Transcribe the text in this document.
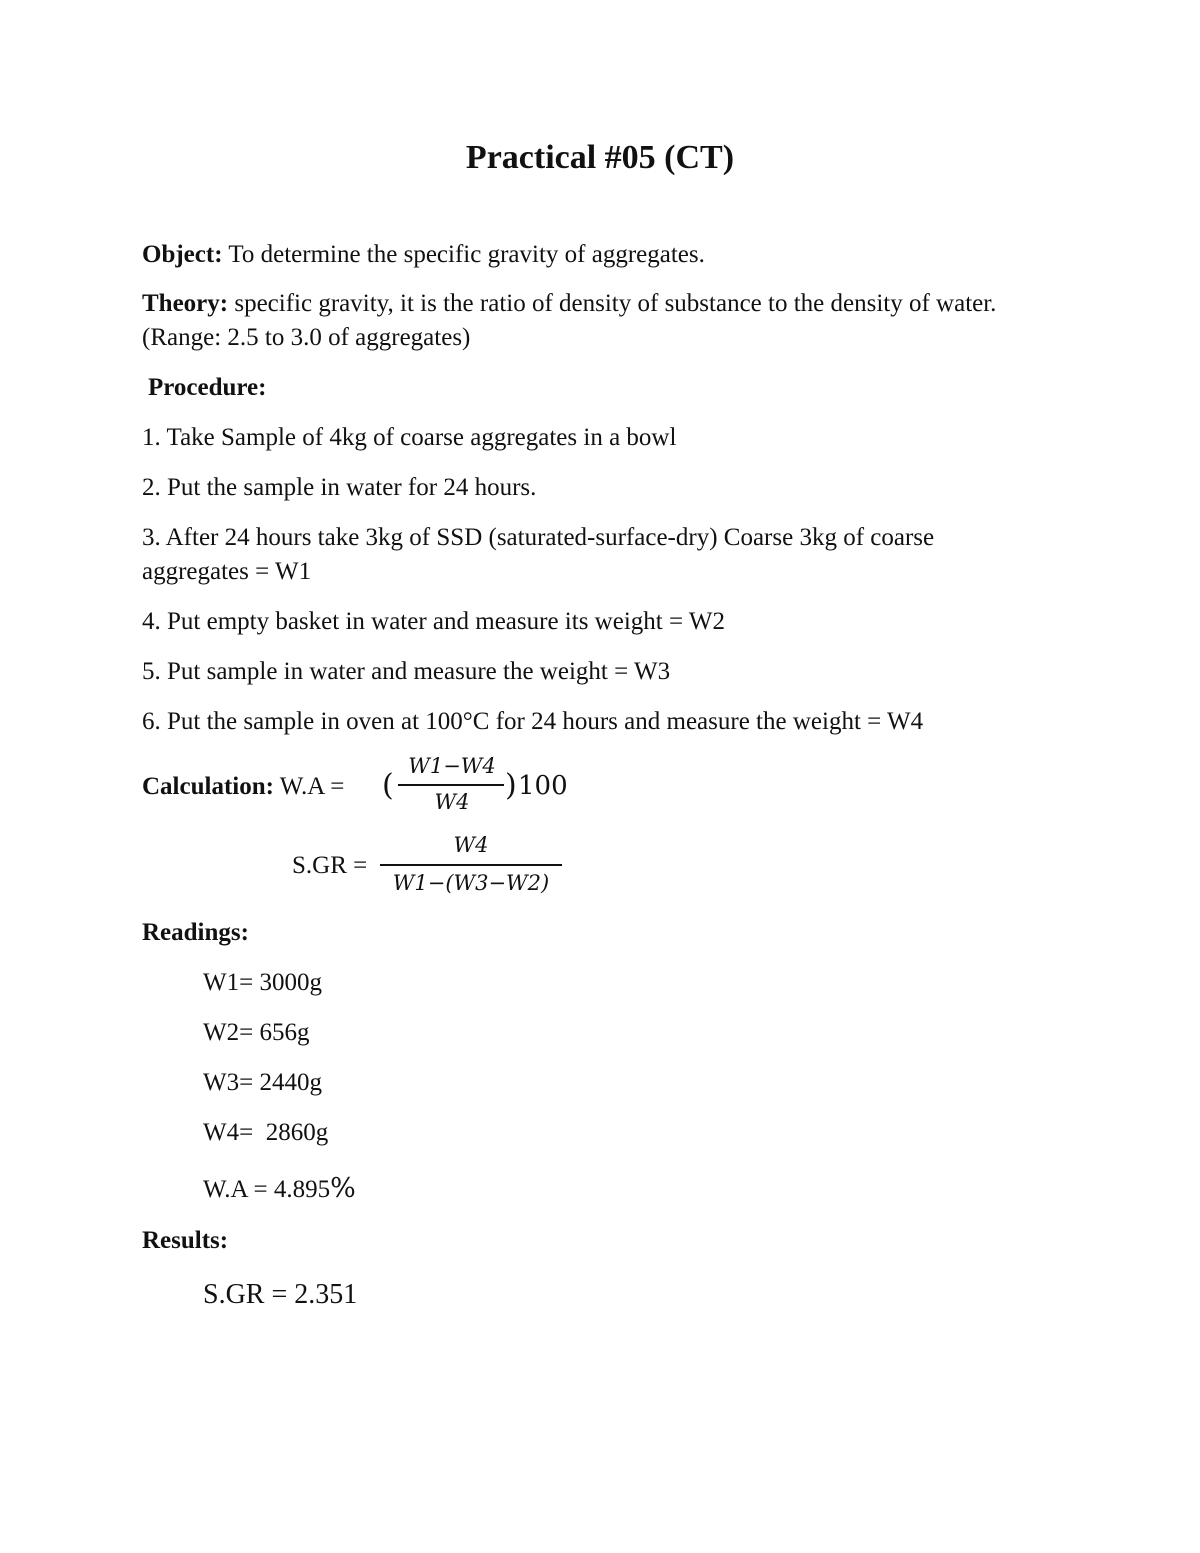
Practical #05 (CT)
Object: To determine the specific gravity of aggregates.
Theory: specific gravity, it is the ratio of density of substance to the density of water. (Range: 2.5 to 3.0 of aggregates)
Procedure:
1. Take Sample of 4kg of coarse aggregates in a bowl
2. Put the sample in water for 24 hours.
3. After 24 hours take 3kg of SSD (saturated-surface-dry) Coarse 3kg of coarse aggregates = W1
4. Put empty basket in water and measure its weight = W2
5. Put sample in water and measure the weight = W3
6. Put the sample in oven at 100°C for 24 hours and measure the weight = W4
Calculation: W.A = (
W1−W4
W4	) 100
S.GR =
W4
W1−(W3−W2)
Readings:
W1= 3000g
W2= 656g
W3= 2440g
W4=  2860g
W.A = 4.895%
Results:
S.GR = 2.351
